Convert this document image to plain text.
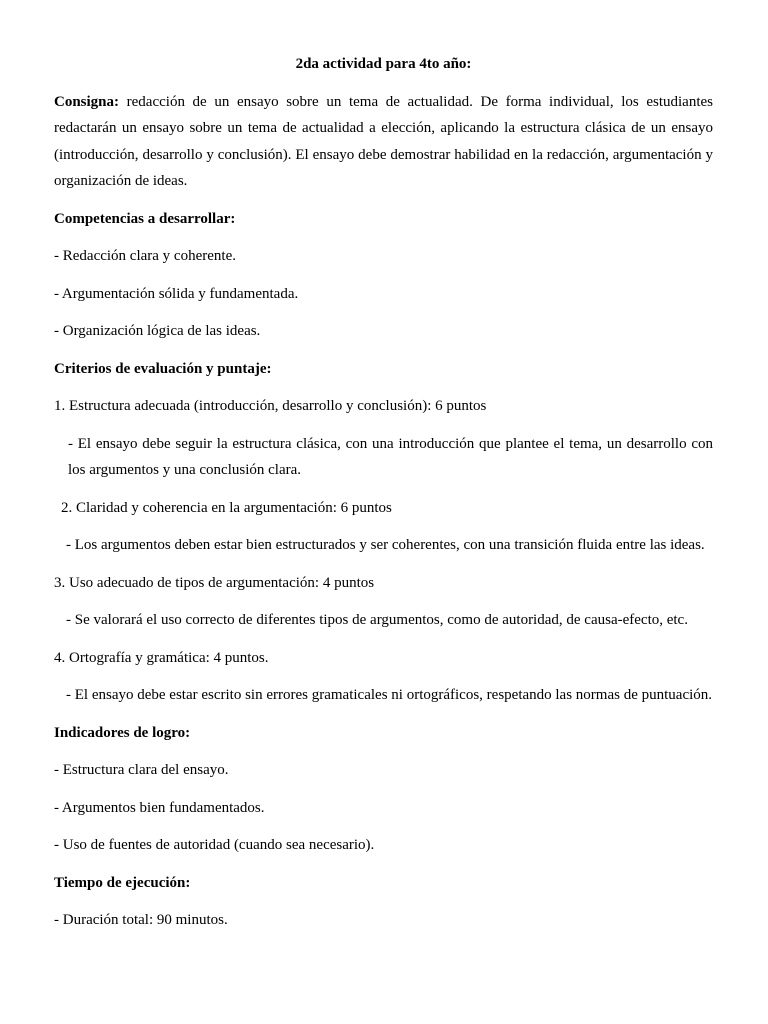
2da actividad para 4to año:

Consigna: redacción de un ensayo sobre un tema de actualidad. De forma individual, los estudiantes redactarán un ensayo sobre un tema de actualidad a elección, aplicando la estructura clásica de un ensayo (introducción, desarrollo y conclusión). El ensayo debe demostrar habilidad en la redacción, argumentación y organización de ideas.

Competencias a desarrollar:

- Redacción clara y coherente.

- Argumentación sólida y fundamentada.

- Organización lógica de las ideas.

Criterios de evaluación y puntaje:

1. Estructura adecuada (introducción, desarrollo y conclusión): 6 puntos

- El ensayo debe seguir la estructura clásica, con una introducción que plantee el tema, un desarrollo con los argumentos y una conclusión clara.

2. Claridad y coherencia en la argumentación: 6 puntos

- Los argumentos deben estar bien estructurados y ser coherentes, con una transición fluida entre las ideas.

3. Uso adecuado de tipos de argumentación: 4 puntos

- Se valorará el uso correcto de diferentes tipos de argumentos, como de autoridad, de causa-efecto, etc.

4. Ortografía y gramática: 4 puntos.

- El ensayo debe estar escrito sin errores gramaticales ni ortográficos, respetando las normas de puntuación.

Indicadores de logro:

- Estructura clara del ensayo.

- Argumentos bien fundamentados.

- Uso de fuentes de autoridad (cuando sea necesario).

Tiempo de ejecución:

- Duración total: 90 minutos.
